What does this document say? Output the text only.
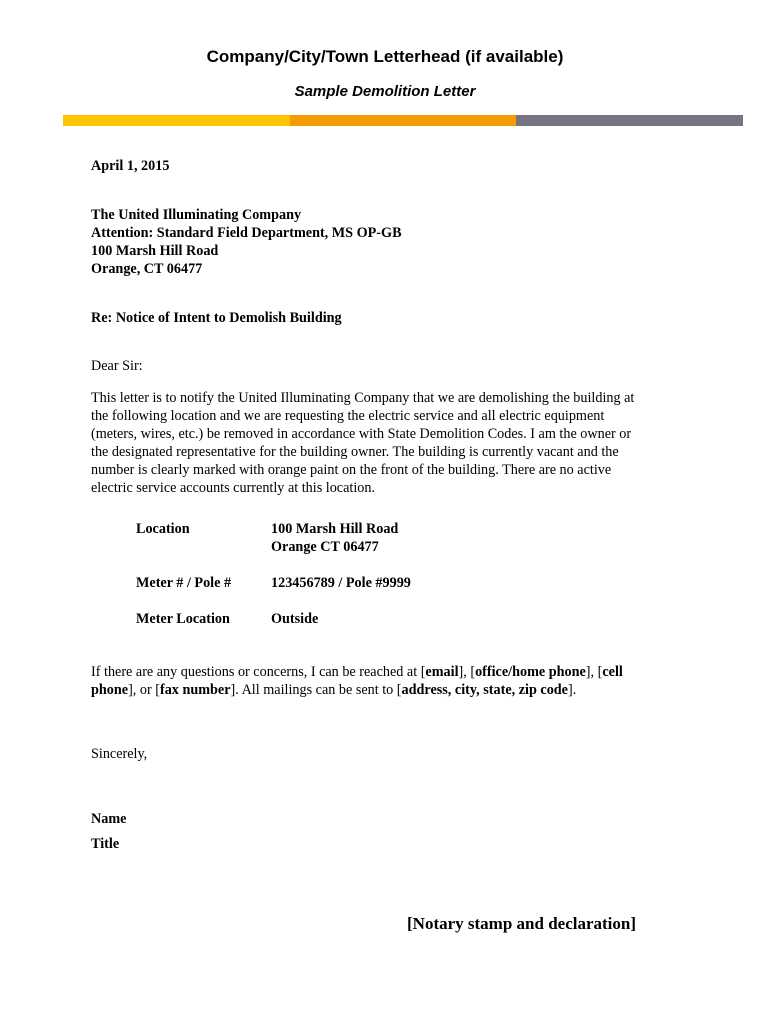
Company/City/Town Letterhead (if available)
Sample Demolition Letter
April 1, 2015
The United Illuminating Company
Attention: Standard Field Department, MS OP-GB
100 Marsh Hill Road
Orange, CT 06477
Re: Notice of Intent to Demolish Building
Dear Sir:
This letter is to notify the United Illuminating Company that we are demolishing the building at
the following location and we are requesting the electric service and all electric equipment
(meters, wires, etc.) be removed in accordance with State Demolition Codes. I am the owner or
the designated representative for the building owner. The building is currently vacant and the
number is clearly marked with orange paint on the front of the building. There are no active
electric service accounts currently at this location.
Location	100 Marsh Hill Road
Orange CT 06477
Meter # / Pole #	123456789 / Pole #9999
Meter Location	Outside
If there are any questions or concerns, I can be reached at [email], [office/home phone], [cell
phone], or [fax number]. All mailings can be sent to [address, city, state, zip code].
Sincerely,
Name
Title
[Notary stamp and declaration]
